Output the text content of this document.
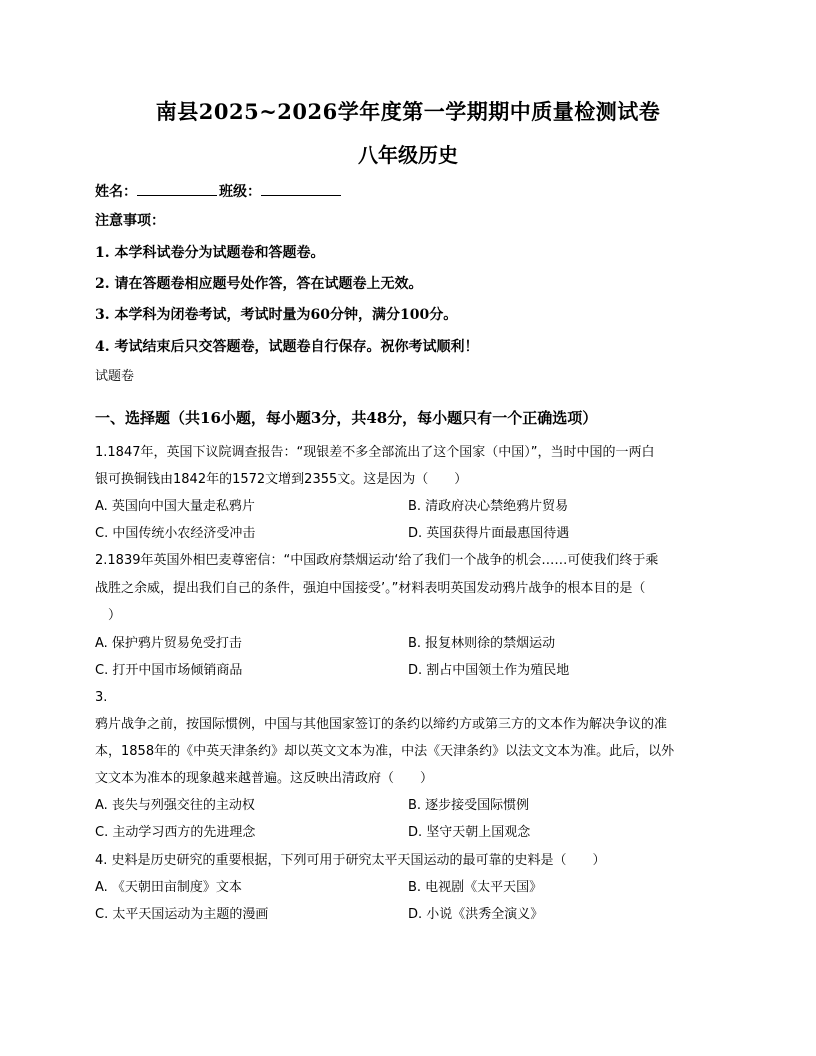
南县2025~2026学年度第一学期期中质量检测试卷
八年级历史
姓名：	班级：
注意事项：
1. 本学科试卷分为试题卷和答题卷。
2. 请在答题卷相应题号处作答，答在试题卷上无效。
3. 本学科为闭卷考试，考试时量为60分钟，满分100分。
4. 考试结束后只交答题卷，试题卷自行保存。祝你考试顺利！
试题卷
一、选择题（共16小题，每小题3分，共48分，每小题只有一个正确选项）
1.1847年，英国下议院调查报告：“现银差不多全部流出了这个国家（中国）”，当时中国的一两白
银可换铜钱由1842年的1572文增到2355文。这是因为（　　）
A. 英国向中国大量走私鸦片	B. 清政府决心禁绝鸦片贸易
C. 中国传统小农经济受冲击	D. 英国获得片面最惠国待遇
2.1839年英国外相巴麦尊密信：“中国政府禁烟运动‘给了我们一个战争的机会……可使我们终于乘
战胜之余威，提出我们自己的条件，强迫中国接受’。”材料表明英国发动鸦片战争的根本目的是（
　）
A. 保护鸦片贸易免受打击	B. 报复林则徐的禁烟运动
C. 打开中国市场倾销商品	D. 割占中国领土作为殖民地
3.
鸦片战争之前，按国际惯例，中国与其他国家签订的条约以缔约方或第三方的文本作为解决争议的准
本，1858年的《中英天津条约》却以英文文本为准，中法《天津条约》以法文文本为准。此后，以外
文文本为准本的现象越来越普遍。这反映出清政府（　　）
A. 丧失与列强交往的主动权	B. 逐步接受国际惯例
C. 主动学习西方的先进理念	D. 坚守天朝上国观念
4. 史料是历史研究的重要根据，下列可用于研究太平天国运动的最可靠的史料是（　　）
A. 《天朝田亩制度》文本	B. 电视剧《太平天国》
C. 太平天国运动为主题的漫画	D. 小说《洪秀全演义》
